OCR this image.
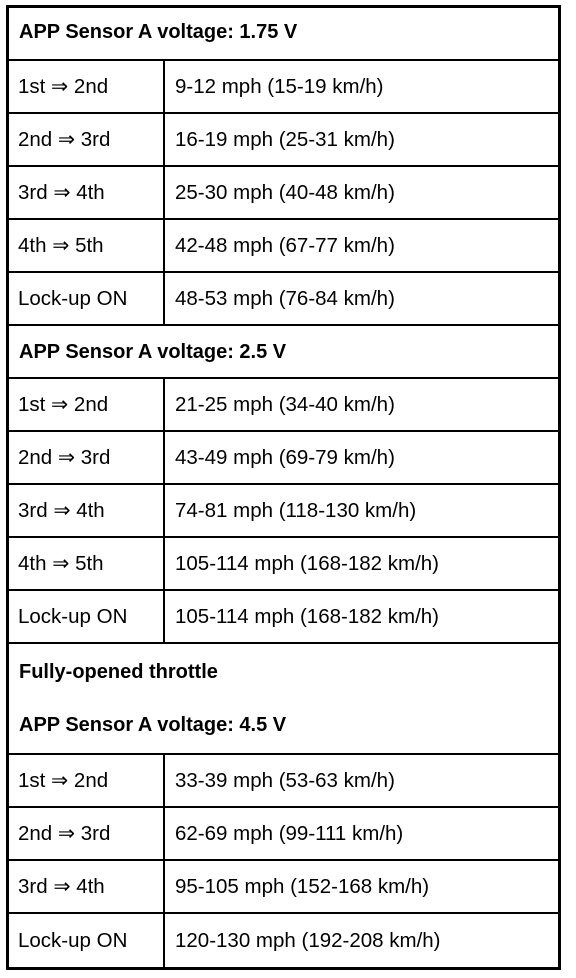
APP Sensor A voltage: 1.75 V
1st ⇒ 2nd	9-12 mph (15-19 km/h)
2nd ⇒ 3rd	16-19 mph (25-31 km/h)
3rd ⇒ 4th	25-30 mph (40-48 km/h)
4th ⇒ 5th	42-48 mph (67-77 km/h)
Lock-up ON 48-53 mph (76-84 km/h)
APP Sensor A voltage: 2.5 V
1st ⇒ 2nd	21-25 mph (34-40 km/h)
2nd ⇒ 3rd	43-49 mph (69-79 km/h)
3rd ⇒ 4th	74-81 mph (118-130 km/h)
4th ⇒ 5th	105-114 mph (168-182 km/h)
Lock-up ON 105-114 mph (168-182 km/h)
Fully-opened throttle
APP Sensor A voltage: 4.5 V
1st ⇒ 2nd	33-39 mph (53-63 km/h)
2nd ⇒ 3rd	62-69 mph (99-111 km/h)
3rd ⇒ 4th	95-105 mph (152-168 km/h)
Lock-up ON 120-130 mph (192-208 km/h)
